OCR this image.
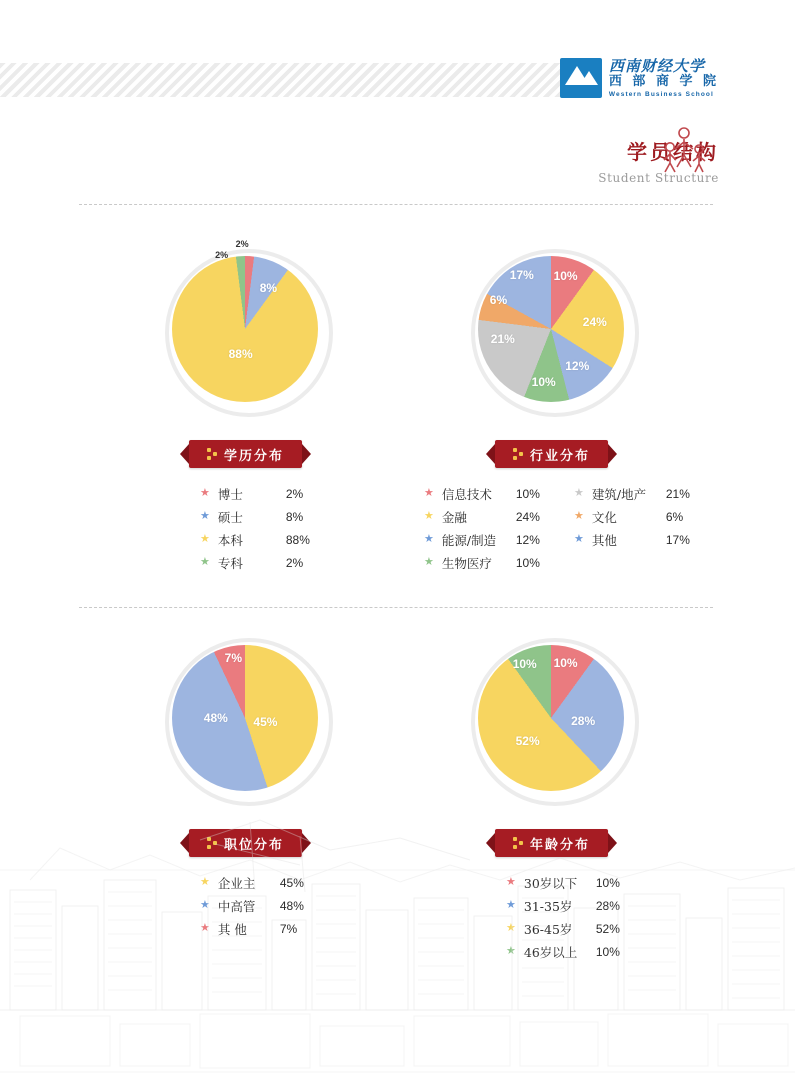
西南财经大学
西 部 商 学 院
Western Business School
学员结构
Student Structure
2%
8%
88%
2%
学历分布
★ 博士	2%
★ 硕士	8%
★ 本科	88%
★ 专科	2%
10%
24%
12%
10%
21%
6%
17%
行业分布
★ 信息技术	10%	★ 建筑/地产	21%
★ 金融	24%	★ 文化	6%
★ 能源/制造	12%	★ 其他	17%
★ 生物医疗	10%
45%
48%
7%
职位分布
★ 企业主	45%
★ 中高管	48%
★ 其 他	7%
10%
28%
52%
10%
年龄分布
★ 30岁以下	10%
★ 31-35岁	28%
★ 36-45岁	52%
★ 46岁以上	10%
